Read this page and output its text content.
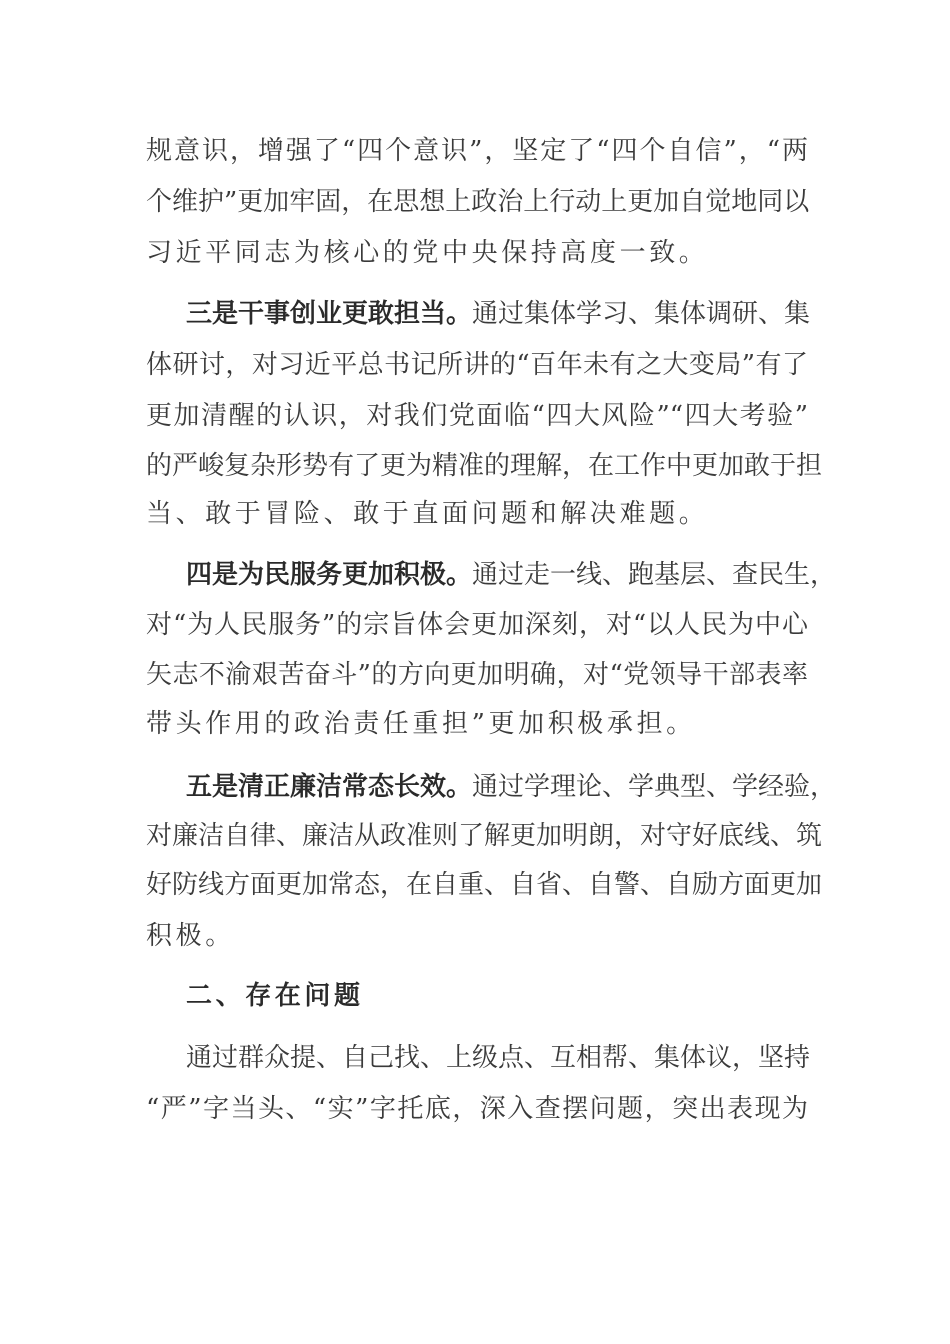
规意识，增强了“四个意识”，坚定了“四个自信”，“两
个维护”更加牢固，在思想上政治上行动上更加自觉地同以
习近平同志为核心的党中央保持高度一致。
三是干事创业更敢担当。通过集体学习、集体调研、集
体研讨，对习近平总书记所讲的“百年未有之大变局”有了
更加清醒的认识，对我们党面临“四大风险”“四大考验”
的严峻复杂形势有了更为精准的理解，在工作中更加敢于担
当、敢于冒险、敢于直面问题和解决难题。
四是为民服务更加积极。通过走一线、跑基层、查民生，
对“为人民服务”的宗旨体会更加深刻，对“以人民为中心
矢志不渝艰苦奋斗”的方向更加明确，对“党领导干部表率
带头作用的政治责任重担”更加积极承担。
五是清正廉洁常态长效。通过学理论、学典型、学经验，
对廉洁自律、廉洁从政准则了解更加明朗，对守好底线、筑
好防线方面更加常态，在自重、自省、自警、自励方面更加
积极。
二、存在问题
通过群众提、自己找、上级点、互相帮、集体议，坚持
“严”字当头、“实”字托底，深入查摆问题，突出表现为
